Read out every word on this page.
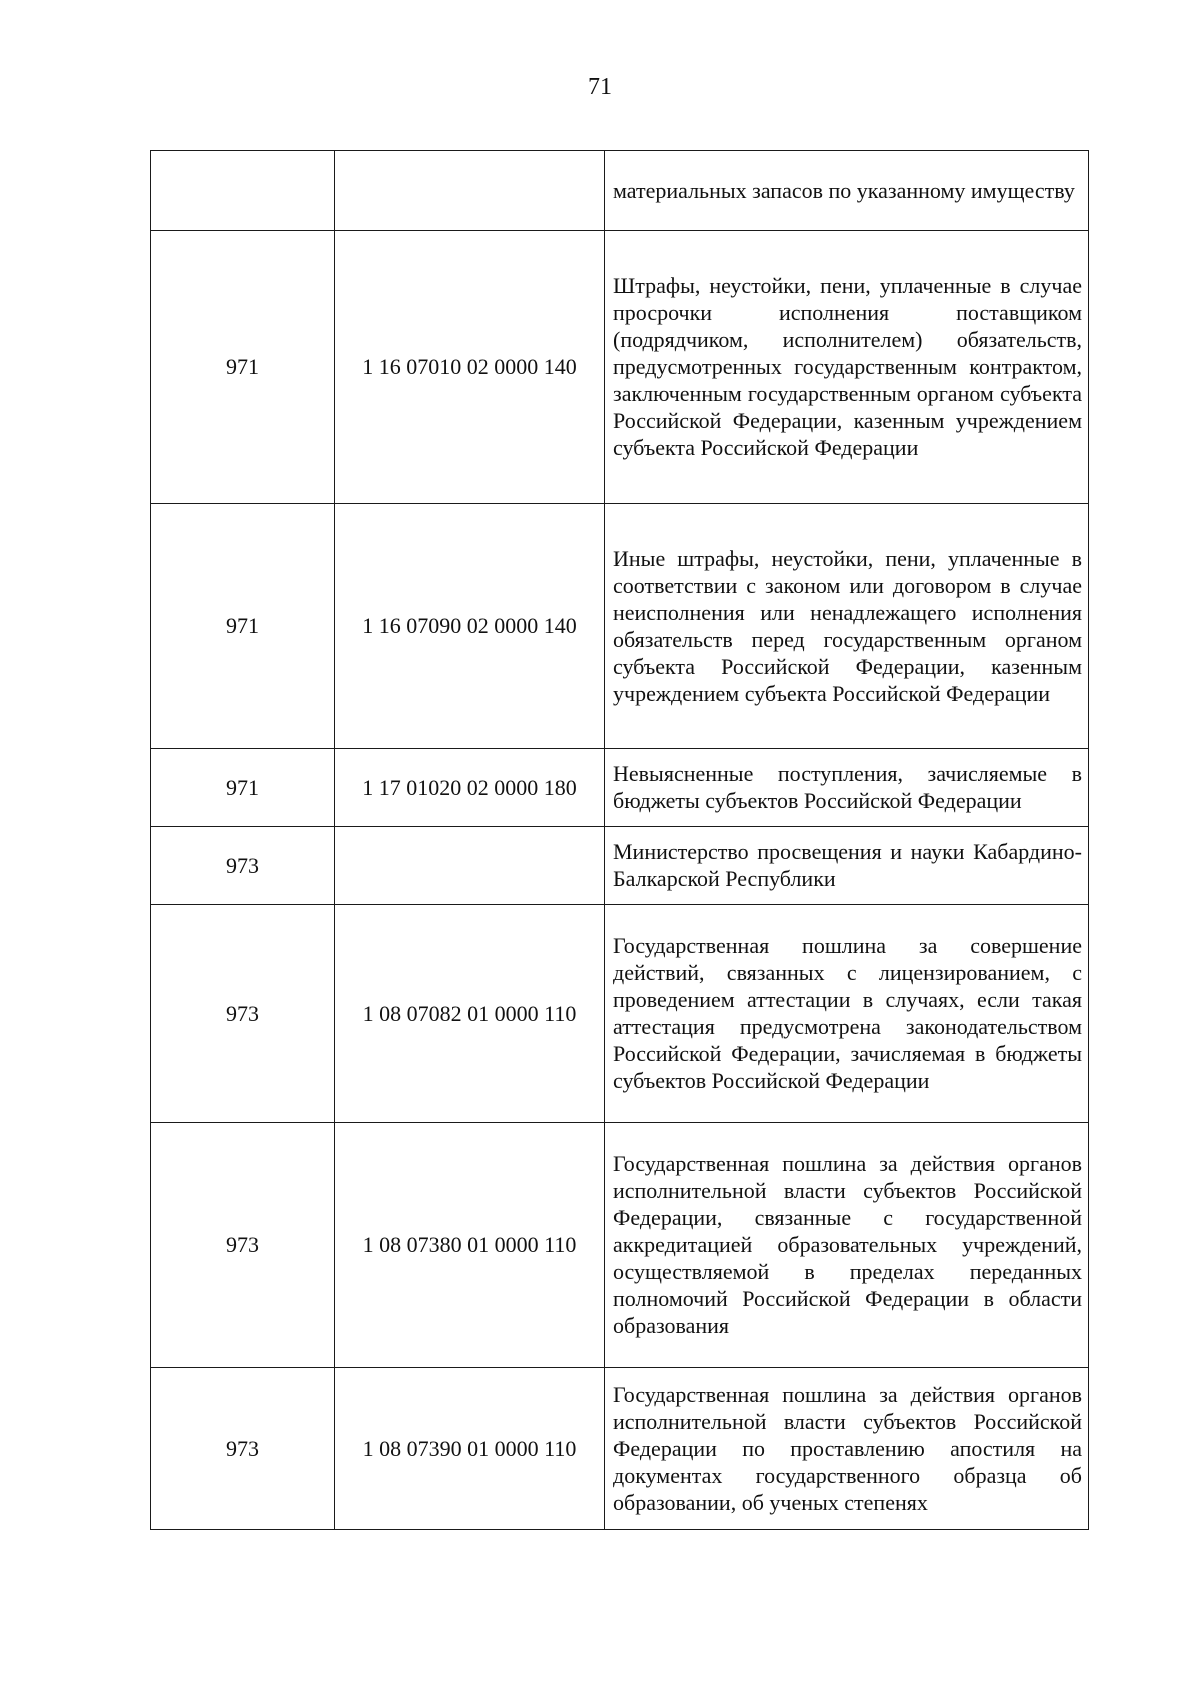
71
		материальных запасов по указанному имуществу
971	1 16 07010 02 0000 140	Штрафы, неустойки, пени, уплаченные в случае просрочки исполнения поставщиком (подрядчиком, исполнителем) обязательств, предусмотренных государственным контрактом, заключенным государственным органом субъекта Российской Федерации, казенным учреждением субъекта Российской Федерации
971	1 16 07090 02 0000 140	Иные штрафы, неустойки, пени, уплаченные в соответствии с законом или договором в случае неисполнения или ненадлежащего исполнения обязательств перед государственным органом субъекта Российской Федерации, казенным учреждением субъекта Российской Федерации
971	1 17 01020 02 0000 180	Невыясненные поступления, зачисляемые в бюджеты субъектов Российской Федерации
973		Министерство просвещения и науки Кабардино-Балкарской Республики
973	1 08 07082 01 0000 110	Государственная пошлина за совершение действий, связанных с лицензированием, с проведением аттестации в случаях, если такая аттестация предусмотрена законодательством Российской Федерации, зачисляемая в бюджеты субъектов Российской Федерации
973	1 08 07380 01 0000 110	Государственная пошлина за действия органов исполнительной власти субъектов Российской Федерации, связанные с государственной аккредитацией образовательных учреждений, осуществляемой в пределах переданных полномочий Российской Федерации в области образования
973	1 08 07390 01 0000 110	Государственная пошлина за действия органов исполнительной власти субъектов Российской Федерации по проставлению апостиля на документах государственного образца об образовании, об ученых степенях
